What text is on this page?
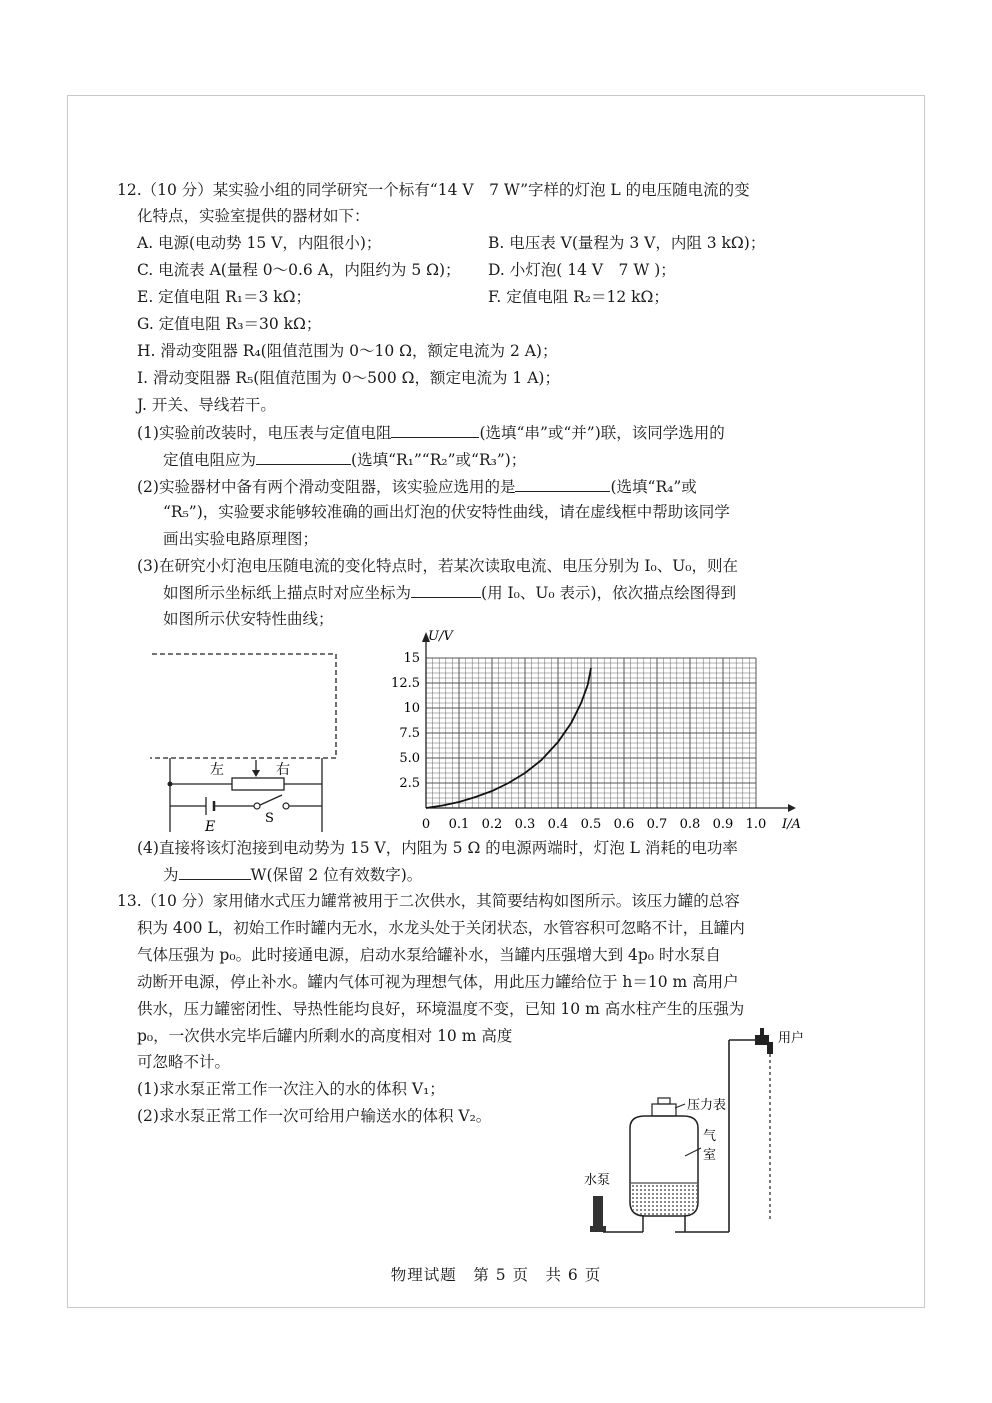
12.（10 分）某实验小组的同学研究一个标有“14 V　7 W”字样的灯泡 L 的电压随电流的变
化特点，实验室提供的器材如下：
A. 电源(电动势 15 V，内阻很小)；	B. 电压表 V(量程为 3 V，内阻 3 kΩ)；
C. 电流表 A(量程 0～0.6 A，内阻约为 5 Ω)； D. 小灯泡( 14 V　7 W )；
E. 定值电阻 R₁＝3 kΩ；	F. 定值电阻 R₂＝12 kΩ；
G. 定值电阻 R₃＝30 kΩ；
H. 滑动变阻器 R₄(阻值范围为 0～10 Ω，额定电流为 2 A)；
I. 滑动变阻器 R₅(阻值范围为 0～500 Ω，额定电流为 1 A)；
J. 开关、导线若干。
(1)实验前改装时，电压表与定值电阻	(选填“串”或“并”)联，该同学选用的
定值电阻应为	(选填“R₁”“R₂”或“R₃”)；
(2)实验器材中备有两个滑动变阻器，该实验应选用的是	(选填“R₄”或
“R₅”)，实验要求能够较准确的画出灯泡的伏安特性曲线，请在虚线框中帮助该同学
画出实验电路原理图；
(3)在研究小灯泡电压随电流的变化特点时，若某次读取电流、电压分别为 I₀、U₀，则在
如图所示坐标纸上描点时对应坐标为	(用 I₀、U₀ 表示)，依次描点绘图得到
如图所示伏安特性曲线；
左	右
E
S
U/V
I/A
0 0.1 0.2 0.3 0.4 0.5 0.6 0.7 0.8 0.9 1.0
2.5
5.0
7.5
10
12.5
15
(4)直接将该灯泡接到电动势为 15 V，内阻为 5 Ω 的电源两端时，灯泡 L 消耗的电功率
为	W(保留 2 位有效数字)。
13.（10 分）家用储水式压力罐常被用于二次供水，其简要结构如图所示。该压力罐的总容
积为 400 L，初始工作时罐内无水，水龙头处于关闭状态，水管容积可忽略不计，且罐内
气体压强为 p₀。此时接通电源，启动水泵给罐补水，当罐内压强增大到 4p₀ 时水泵自
动断开电源，停止补水。罐内气体可视为理想气体，用此压力罐给位于 h＝10 m 高用户
供水，压力罐密闭性、导热性能均良好，环境温度不变，已知 10 m 高水柱产生的压强为
p₀，一次供水完毕后罐内所剩水的高度相对 10 m 高度
可忽略不计。
(1)求水泵正常工作一次注入的水的体积 V₁；
(2)求水泵正常工作一次可给用户输送水的体积 V₂。
用户
压力表
气
室
水泵
物理试题　第 5 页　共 6 页
